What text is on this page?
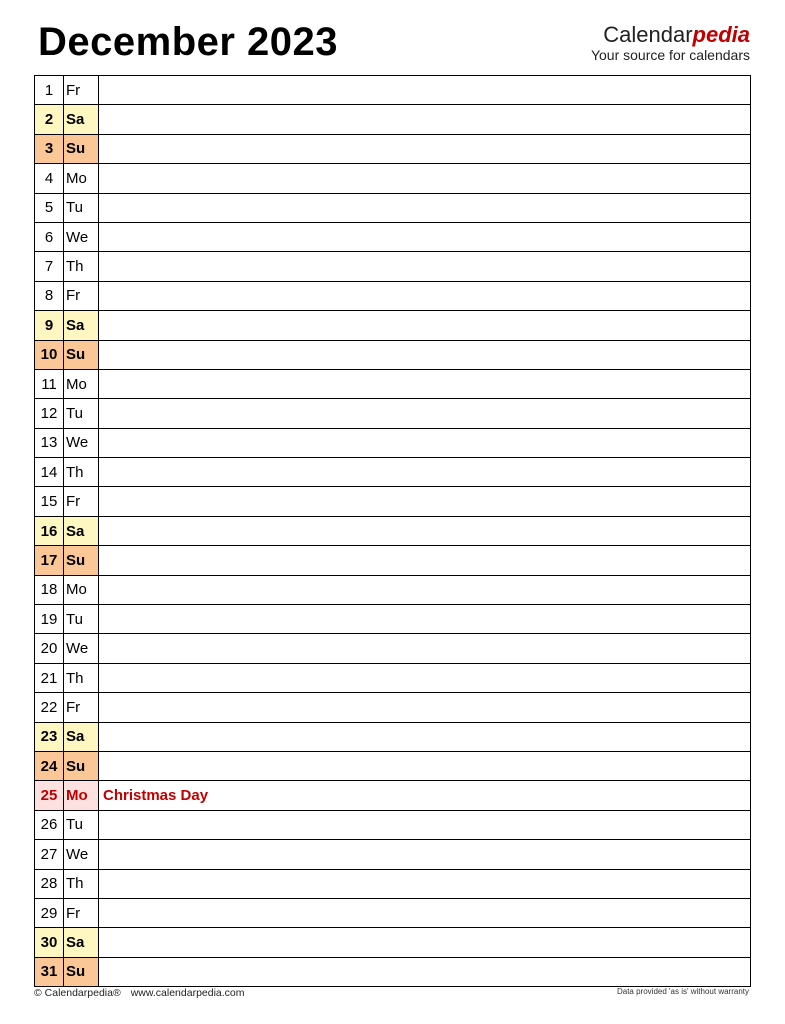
December 2023	Calendarpedia
Your source for calendars
1 Fr
2 Sa
3 Su
4 Mo
5 Tu
6 We
7 Th
8 Fr
9 Sa
10 Su
11 Mo
12 Tu
13 We
14 Th
15 Fr
16 Sa
17 Su
18 Mo
19 Tu
20 We
21 Th
22 Fr
23 Sa
24 Su
25 Mo	Christmas Day
26 Tu
27 We
28 Th
29 Fr
30 Sa
31 Su
© Calendarpedia® www.calendarpedia.com	Data provided 'as is' without warranty
